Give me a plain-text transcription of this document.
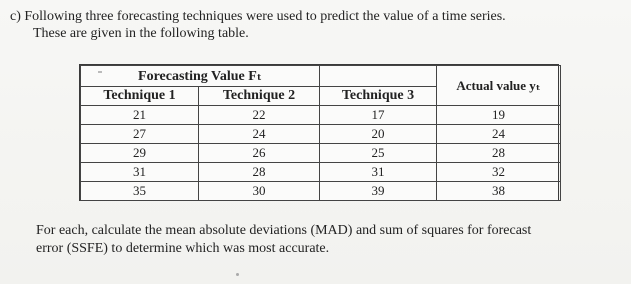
c) Following three forecasting techniques were used to predict the value of a time series.
These are given in the following table.
Forecasting Value Fₜ			Actual value yₜ
Technique 1	Technique 2	Technique 3	
21	22	17	19
27	24	20	24
29	26	25	28
31	28	31	32
35	30	39	38
For each, calculate the mean absolute deviations (MAD) and sum of squares for forecast
error (SSFE) to determine which was most accurate.
